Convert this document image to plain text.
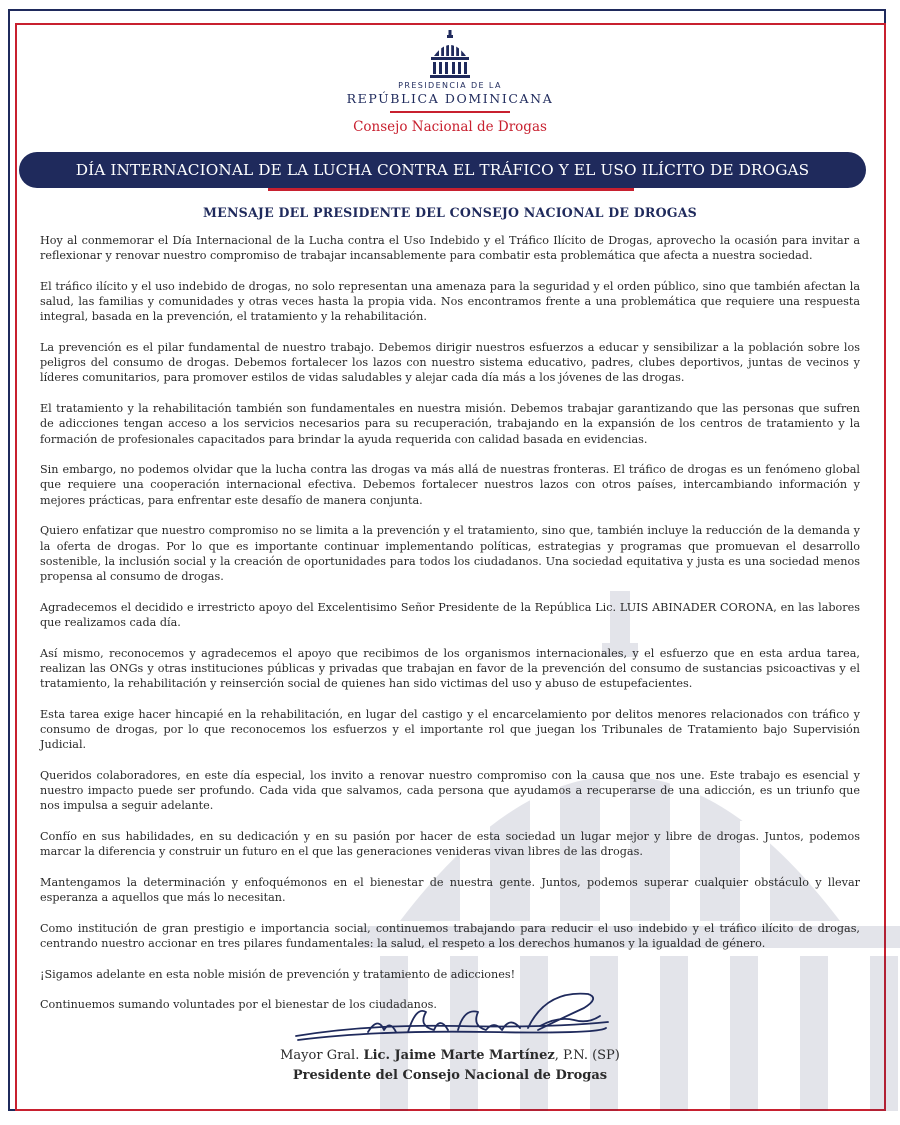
PRESIDENCIA DE LA
REPÚBLICA DOMINICANA
Consejo Nacional de Drogas
DÍA INTERNACIONAL DE LA LUCHA CONTRA EL TRÁFICO Y EL USO ILÍCITO DE DROGAS
MENSAJE DEL PRESIDENTE DEL CONSEJO NACIONAL DE DROGAS

Hoy al conmemorar el Día Internacional de la Lucha contra el Uso Indebido y el Tráfico Ilícito de Drogas, aprovecho la ocasión para invitar a reflexionar y renovar nuestro compromiso de trabajar incansablemente para combatir esta problemática que afecta a nuestra sociedad.

El tráfico ilícito y el uso indebido de drogas, no solo representan una amenaza para la seguridad y el orden público, sino que también afectan la salud, las familias y comunidades y otras veces hasta la propia vida. Nos encontramos frente a una problemática que requiere una respuesta integral, basada en la prevención, el tratamiento y la rehabilitación.

La prevención es el pilar fundamental de nuestro trabajo. Debemos dirigir nuestros esfuerzos a educar y sensibilizar a la población sobre los peligros del consumo de drogas. Debemos fortalecer los lazos con nuestro sistema educativo, padres, clubes deportivos, juntas de vecinos y líderes comunitarios, para promover estilos de vidas saludables y alejar cada día más a los jóvenes de las drogas.

El tratamiento y la rehabilitación también son fundamentales en nuestra misión. Debemos trabajar garantizando que las personas que sufren de adicciones tengan acceso a los servicios necesarios para su recuperación, trabajando en la expansión de los centros de tratamiento y la formación de profesionales capacitados para brindar la ayuda requerida con calidad basada en evidencias.

Sin embargo, no podemos olvidar que la lucha contra las drogas va más allá de nuestras fronteras. El tráfico de drogas es un fenómeno global que requiere una cooperación internacional efectiva. Debemos fortalecer nuestros lazos con otros países, intercambiando información y mejores prácticas, para enfrentar este desafío de manera conjunta.

Quiero enfatizar que nuestro compromiso no se limita a la prevención y el tratamiento, sino que, también incluye la reducción de la demanda y la oferta de drogas. Por lo que es importante continuar implementando políticas, estrategias y programas que promuevan el desarrollo sostenible, la inclusión social y la creación de oportunidades para todos los ciudadanos. Una sociedad equitativa y justa es una sociedad menos propensa al consumo de drogas.

Agradecemos el decidido e irrestricto apoyo del Excelentisimo Señor Presidente de la República Lic. LUIS ABINADER CORONA, en las labores que realizamos cada día.

Así mismo, reconocemos y agradecemos el apoyo que recibimos de los organismos internacionales, y el esfuerzo que en esta ardua tarea, realizan las ONGs y otras instituciones públicas y privadas que trabajan en favor de la prevención del consumo de sustancias psicoactivas y el tratamiento, la rehabilitación y reinserción social de quienes han sido victimas del uso y abuso de estupefacientes.

Esta tarea exige hacer hincapié en la rehabilitación, en lugar del castigo y el encarcelamiento por delitos menores relacionados con tráfico y consumo de drogas, por lo que reconocemos los esfuerzos y el importante rol que juegan los Tribunales de Tratamiento bajo Supervisión Judicial.

Queridos colaboradores, en este día especial, los invito a renovar nuestro compromiso con la causa que nos une. Este trabajo es esencial y nuestro impacto puede ser profundo. Cada vida que salvamos, cada persona que ayudamos a recuperarse de una adicción, es un triunfo que nos impulsa a seguir adelante.

Confío en sus habilidades, en su dedicación y en su pasión por hacer de esta sociedad un lugar mejor y libre de drogas. Juntos, podemos marcar la diferencia y construir un futuro en el que las generaciones venideras vivan libres de las drogas.

Mantengamos la determinación y enfoquémonos en el bienestar de nuestra gente. Juntos, podemos superar cualquier obstáculo y llevar esperanza a aquellos que más lo necesitan.

Como institución de gran prestigio e importancia social, continuemos trabajando para reducir el uso indebido y el tráfico ilícito de drogas, centrando nuestro accionar en tres pilares fundamentales: la salud, el respeto a los derechos humanos y la igualdad de género.

¡Sigamos adelante en esta noble misión de prevención y tratamiento de adicciones!

Continuemos sumando voluntades por el bienestar de los ciudadanos.

Mayor Gral. Lic. Jaime Marte Martínez, P.N. (SP)
Presidente del Consejo Nacional de Drogas
